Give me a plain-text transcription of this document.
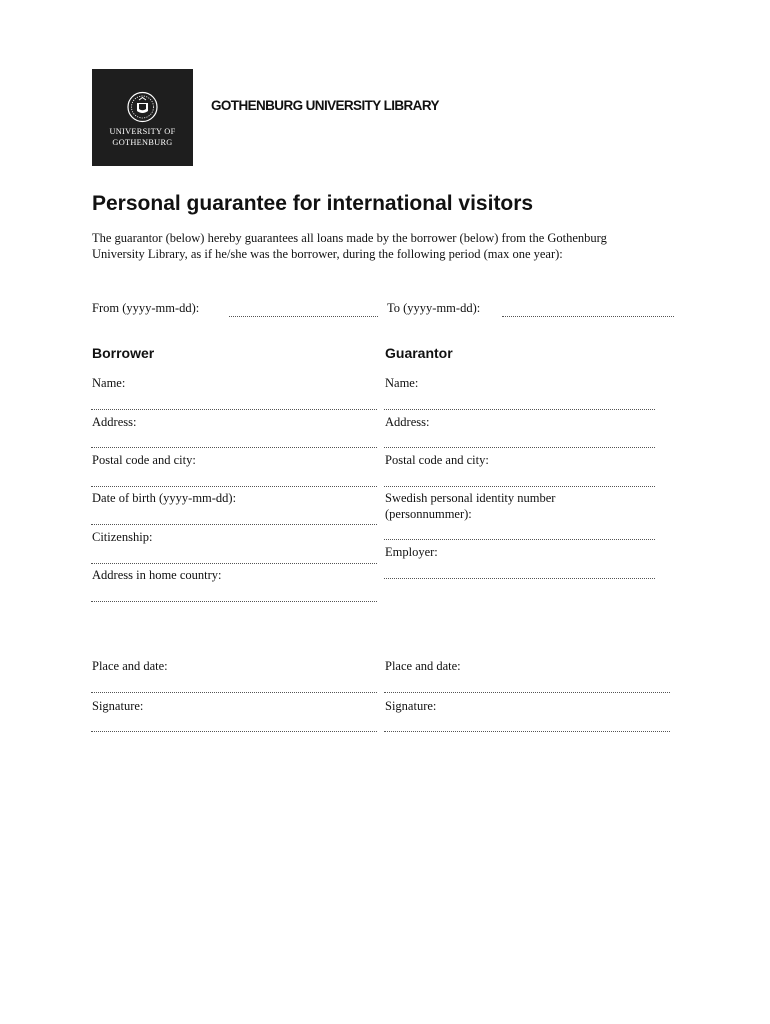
UNIVERSITY OF
GOTHENBURG
GOTHENBURG UNIVERSITY LIBRARY
Personal guarantee for international visitors
The guarantor (below) hereby guarantees all loans made by the borrower (below) from the Gothenburg
University Library, as if he/she was the borrower, during the following period (max one year):
From (yyyy-mm-dd):	To (yyyy-mm-dd):
Borrower
Name:
Address:
Postal code and city:
Date of birth (yyyy-mm-dd):
Citizenship:
Address in home country:
Place and date:
Signature:
Guarantor
Name:
Address:
Postal code and city:
Swedish personal identity number
(personnummer):
Employer:
Place and date:
Signature:
